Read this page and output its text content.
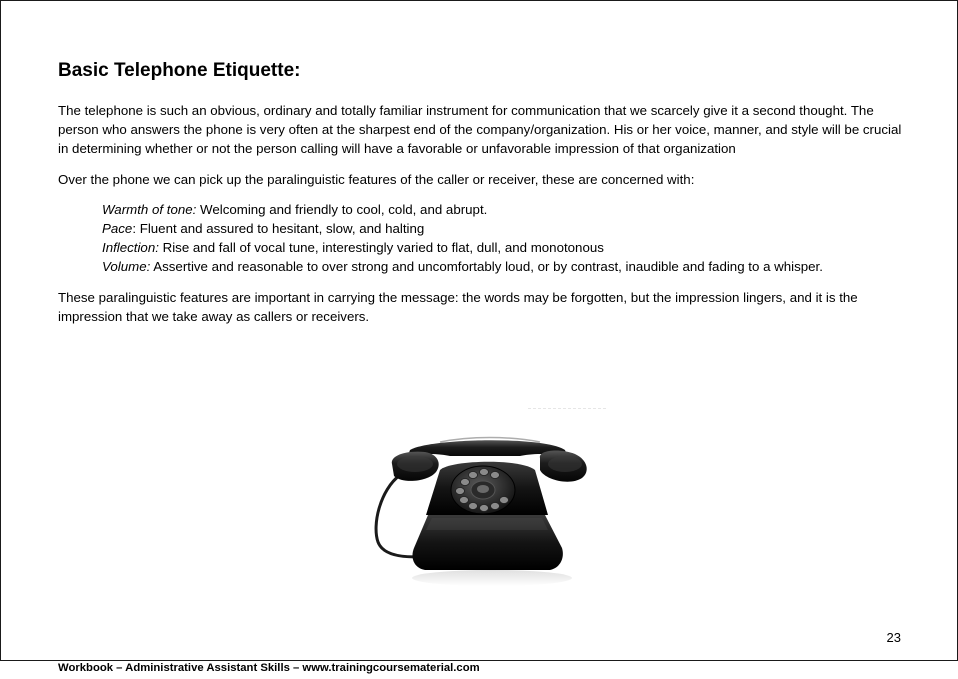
Basic Telephone Etiquette:

The telephone is such an obvious, ordinary and totally familiar instrument for communication that we scarcely give it a second thought. The person who answers the phone is very often at the sharpest end of the company/organization. His or her voice, manner, and style will be crucial in determining whether or not the person calling will have a favorable or unfavorable impression of that organization

Over the phone we can pick up the paralinguistic features of the caller or receiver, these are concerned with:

Warmth of tone: Welcoming and friendly to cool, cold, and abrupt.
Pace: Fluent and assured to hesitant, slow, and halting
Inflection: Rise and fall of vocal tune, interestingly varied to flat, dull, and monotonous
Volume: Assertive and reasonable to over strong and uncomfortably loud, or by contrast, inaudible and fading to a whisper.

These paralinguistic features are important in carrying the message: the words may be forgotten, but the impression lingers, and it is the impression that we take away as callers or receivers.

23
Workbook – Administrative Assistant Skills – www.trainingcoursematerial.com
